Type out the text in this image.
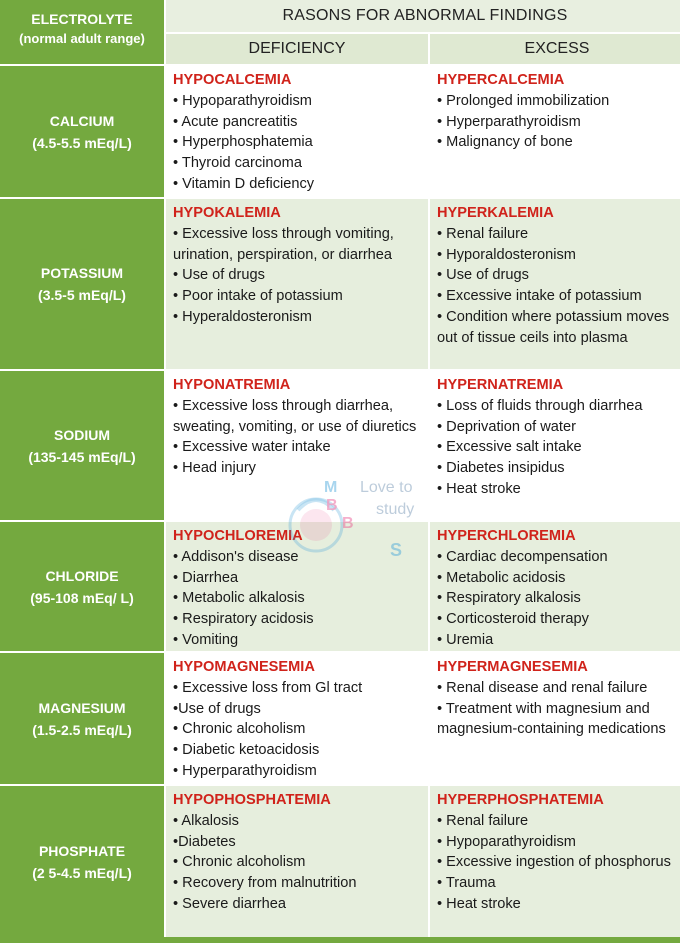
ELECTROLYTE
(normal adult range)
RASONS FOR ABNORMAL FINDINGS
DEFICIENCY	EXCESS
CALCIUM
(4.5-5.5 mEq/L)
HYPOCALCEMIA
• Hypoparathyroidism
• Acute pancreatitis
• Hyperphosphatemia
• Thyroid carcinoma
• Vitamin D deficiency
HYPERCALCEMIA
• Prolonged immobilization
• Hyperparathyroidism
• Malignancy of bone
POTASSIUM
(3.5-5 mEq/L)
HYPOKALEMIA
• Excessive loss through vomiting, urination, perspiration, or diarrhea
• Use of drugs
• Poor intake of potassium
• Hyperaldosteronism
HYPERKALEMIA
• Renal failure
• Hyporaldosteronism
• Use of drugs
• Excessive intake of potassium
• Condition where potassium moves out of tissue ceils into plasma
SODIUM
(135-145 mEq/L)
HYPONATREMIA
• Excessive loss through diarrhea, sweating, vomiting, or use of diuretics
• Excessive water intake
• Head injury
HYPERNATREMIA
• Loss of fluids through diarrhea
• Deprivation of water
• Excessive salt intake
• Diabetes insipidus
• Heat stroke
CHLORIDE
(95-108 mEq/ L)
HYPOCHLOREMIA
• Addison's disease
• Diarrhea
• Metabolic alkalosis
• Respiratory acidosis
• Vomiting
HYPERCHLOREMIA
• Cardiac decompensation
• Metabolic acidosis
• Respiratory alkalosis
• Corticosteroid therapy
• Uremia
MAGNESIUM
(1.5-2.5 mEq/L)
HYPOMAGNESEMIA
• Excessive loss from Gl tract
•Use of drugs
• Chronic alcoholism
• Diabetic ketoacidosis
• Hyperparathyroidism
HYPERMAGNESEMIA
• Renal disease and renal failure
• Treatment with magnesium and magnesium-containing medications
PHOSPHATE
(2 5-4.5 mEq/L)
HYPOPHOSPHATEMIA
• Alkalosis
•Diabetes
• Chronic alcoholism
• Recovery from malnutrition
• Severe diarrhea
HYPERPHOSPHATEMIA
• Renal failure
• Hypoparathyroidism
• Excessive ingestion of phosphorus
• Trauma
• Heat stroke
M
B
B
S
Love to
study
